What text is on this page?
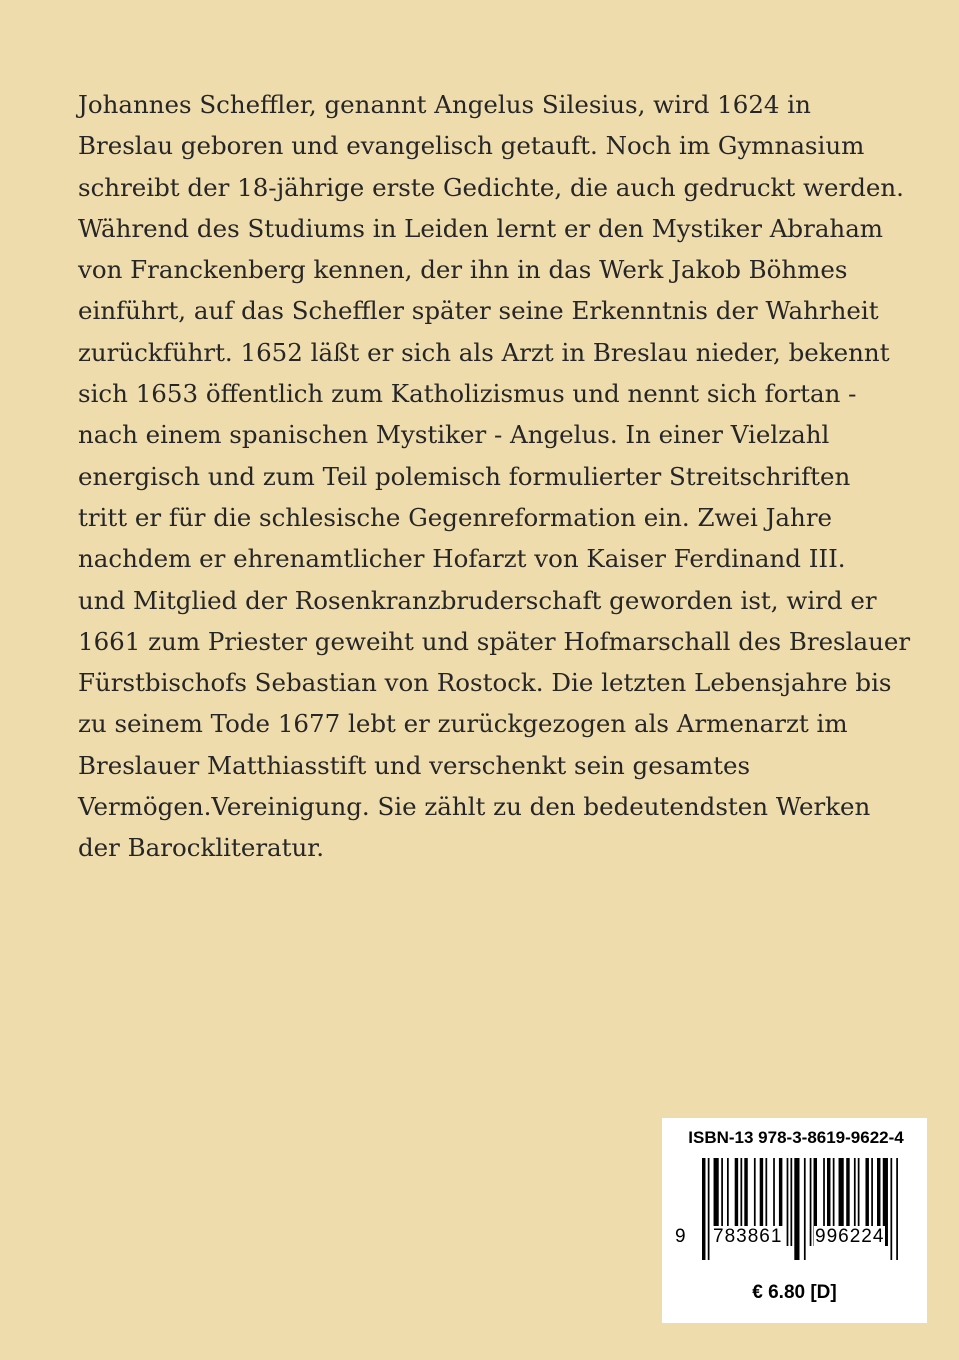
Johannes Scheffler, genannt Angelus Silesius, wird 1624 in
Breslau geboren und evangelisch getauft. Noch im Gymnasium
schreibt der 18-jährige erste Gedichte, die auch gedruckt werden.
Während des Studiums in Leiden lernt er den Mystiker Abraham
von Franckenberg kennen, der ihn in das Werk Jakob Böhmes
einführt, auf das Scheffler später seine Erkenntnis der Wahrheit
zurückführt. 1652 läßt er sich als Arzt in Breslau nieder, bekennt
sich 1653 öffentlich zum Katholizismus und nennt sich fortan -
nach einem spanischen Mystiker - Angelus. In einer Vielzahl
energisch und zum Teil polemisch formulierter Streitschriften
tritt er für die schlesische Gegenreformation ein. Zwei Jahre
nachdem er ehrenamtlicher Hofarzt von Kaiser Ferdinand III.
und Mitglied der Rosenkranzbruderschaft geworden ist, wird er
1661 zum Priester geweiht und später Hofmarschall des Breslauer
Fürstbischofs Sebastian von Rostock. Die letzten Lebensjahre bis
zu seinem Tode 1677 lebt er zurückgezogen als Armenarzt im
Breslauer Matthiasstift und verschenkt sein gesamtes
Vermögen.Vereinigung. Sie zählt zu den bedeutendsten Werken
der Barockliteratur.
ISBN-13 978-3-8619-9622-4
9 783861 996224
€ 6.80 [D]
